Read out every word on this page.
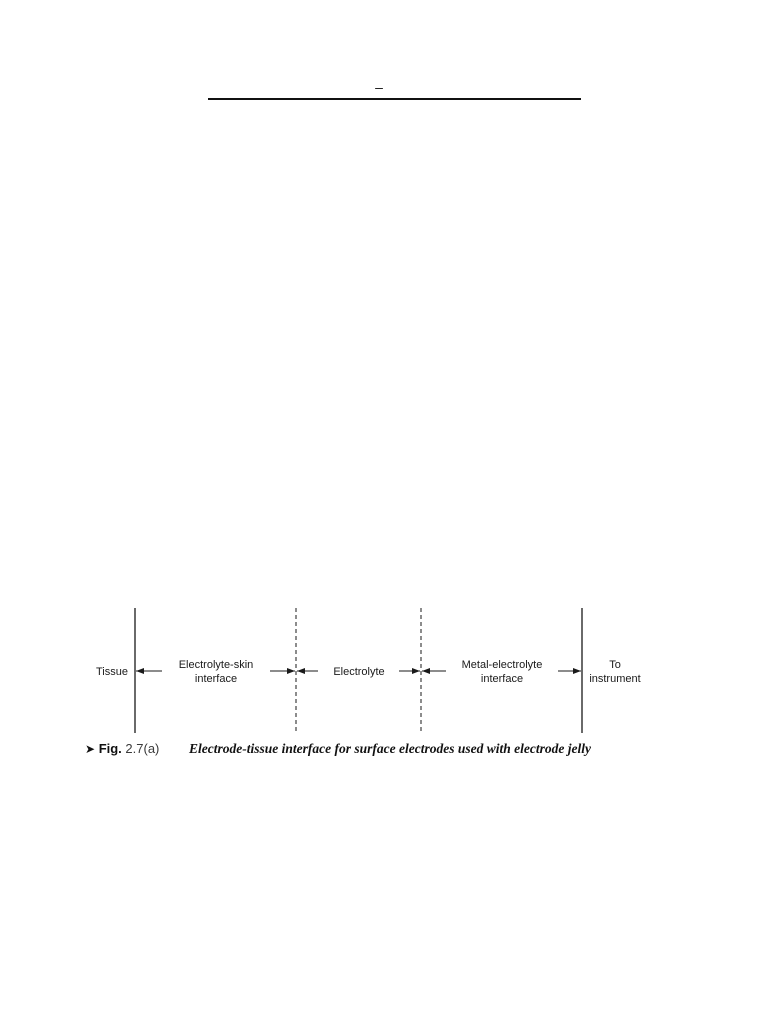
–
Tissue
Electrolyte-skin
interface
Electrolyte
Metal-electrolyte
interface
To
instrument
➤ Fig. 2.7(a) Electrode-tissue interface for surface electrodes used with electrode jelly
